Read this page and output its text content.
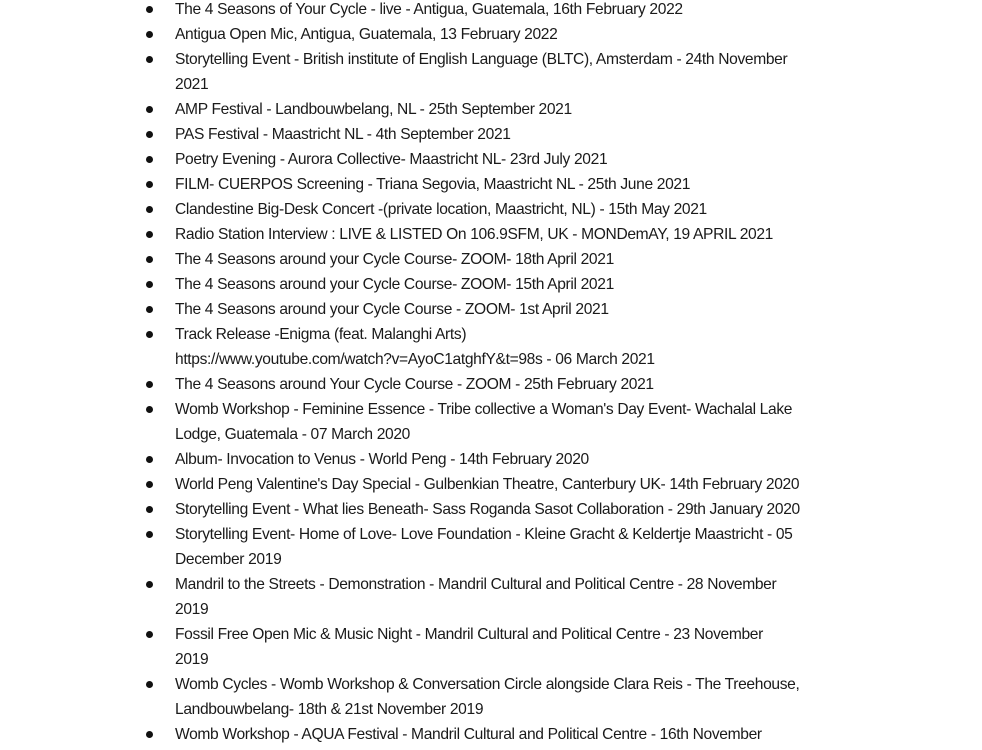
The 4 Seasons of Your Cycle - live - Antigua, Guatemala, 16th February 2022
Antigua Open Mic, Antigua, Guatemala, 13 February 2022
Storytelling Event - British institute of English Language (BLTC), Amsterdam - 24th November
2021
AMP Festival - Landbouwbelang, NL - 25th September 2021
PAS Festival - Maastricht NL - 4th September 2021
Poetry Evening - Aurora Collective- Maastricht NL- 23rd July 2021
FILM- CUERPOS Screening - Triana Segovia, Maastricht NL - 25th June 2021
Clandestine Big-Desk Concert -(private location, Maastricht, NL) - 15th May 2021
Radio Station Interview : LIVE & LISTED On 106.9SFM, UK - MONDemAY, 19 APRIL 2021
The 4 Seasons around your Cycle Course- ZOOM- 18th April 2021
The 4 Seasons around your Cycle Course- ZOOM- 15th April 2021
The 4 Seasons around your Cycle Course - ZOOM- 1st April 2021
Track Release -Enigma (feat. Malanghi Arts)
https://www.youtube.com/watch?v=AyoC1atghfY&t=98s - 06 March 2021
The 4 Seasons around Your Cycle Course - ZOOM - 25th February 2021
Womb Workshop - Feminine Essence - Tribe collective a Woman's Day Event- Wachalal Lake
Lodge, Guatemala - 07 March 2020
Album- Invocation to Venus - World Peng - 14th February 2020
World Peng Valentine's Day Special - Gulbenkian Theatre, Canterbury UK- 14th February 2020
Storytelling Event - What lies Beneath- Sass Roganda Sasot Collaboration - 29th January 2020
Storytelling Event- Home of Love- Love Foundation - Kleine Gracht & Keldertje Maastricht - 05
December 2019
Mandril to the Streets - Demonstration - Mandril Cultural and Political Centre - 28 November
2019
Fossil Free Open Mic & Music Night - Mandril Cultural and Political Centre - 23 November
2019
Womb Cycles - Womb Workshop & Conversation Circle alongside Clara Reis - The Treehouse,
Landbouwbelang- 18th & 21st November 2019
Womb Workshop - AQUA Festival - Mandril Cultural and Political Centre - 16th November
